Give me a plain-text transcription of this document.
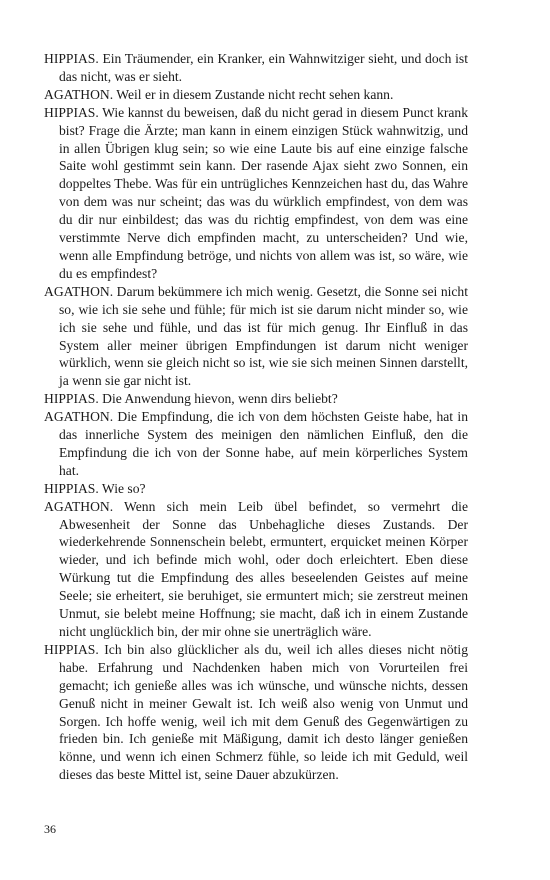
HIPPIAS. Ein Träumender, ein Kranker, ein Wahnwitziger sieht, und doch ist das nicht, was er sieht.

AGATHON. Weil er in diesem Zustande nicht recht sehen kann.

HIPPIAS. Wie kannst du beweisen, daß du nicht gerad in diesem Punct krank bist? Frage die Ärzte; man kann in einem einzigen Stück wahnwitzig, und in allen Übrigen klug sein; so wie eine Laute bis auf eine einzige falsche Saite wohl gestimmt sein kann. Der rasende Ajax sieht zwo Sonnen, ein doppeltes Thebe. Was für ein untrügliches Kennzeichen hast du, das Wahre von dem was nur scheint; das was du würklich empfindest, von dem was du dir nur einbildest; das was du richtig empfindest, von dem was eine verstimmte Nerve dich empfinden macht, zu unterscheiden? Und wie, wenn alle Empfindung betröge, und nichts von allem was ist, so wäre, wie du es empfindest?

AGATHON. Darum bekümmere ich mich wenig. Gesetzt, die Sonne sei nicht so, wie ich sie sehe und fühle; für mich ist sie darum nicht minder so, wie ich sie sehe und fühle, und das ist für mich genug. Ihr Einfluß in das System aller meiner übrigen Empfindungen ist darum nicht weniger würklich, wenn sie gleich nicht so ist, wie sie sich meinen Sinnen darstellt, ja wenn sie gar nicht ist.

HIPPIAS. Die Anwendung hievon, wenn dirs beliebt?

AGATHON. Die Empfindung, die ich von dem höchsten Geiste habe, hat in das innerliche System des meinigen den nämlichen Einfluß, den die Empfindung die ich von der Sonne habe, auf mein körperliches System hat.

HIPPIAS. Wie so?

AGATHON. Wenn sich mein Leib übel befindet, so vermehrt die Abwesenheit der Sonne das Unbehagliche dieses Zustands. Der wiederkehrende Sonnenschein belebt, ermuntert, erquicket meinen Körper wieder, und ich befinde mich wohl, oder doch erleichtert. Eben diese Würkung tut die Empfindung des alles beseelenden Geistes auf meine Seele; sie erheitert, sie beruhiget, sie ermuntert mich; sie zerstreut meinen Unmut, sie belebt meine Hoffnung; sie macht, daß ich in einem Zustande nicht unglücklich bin, der mir ohne sie unerträglich wäre.

HIPPIAS. Ich bin also glücklicher als du, weil ich alles dieses nicht nötig habe. Erfahrung und Nachdenken haben mich von Vorurteilen frei gemacht; ich genieße alles was ich wünsche, und wünsche nichts, dessen Genuß nicht in meiner Gewalt ist. Ich weiß also wenig von Unmut und Sorgen. Ich hoffe wenig, weil ich mit dem Genuß des Gegenwärtigen zu frieden bin. Ich genieße mit Mäßigung, damit ich desto länger genießen könne, und wenn ich einen Schmerz fühle, so leide ich mit Geduld, weil dieses das beste Mittel ist, seine Dauer abzukürzen.

36
